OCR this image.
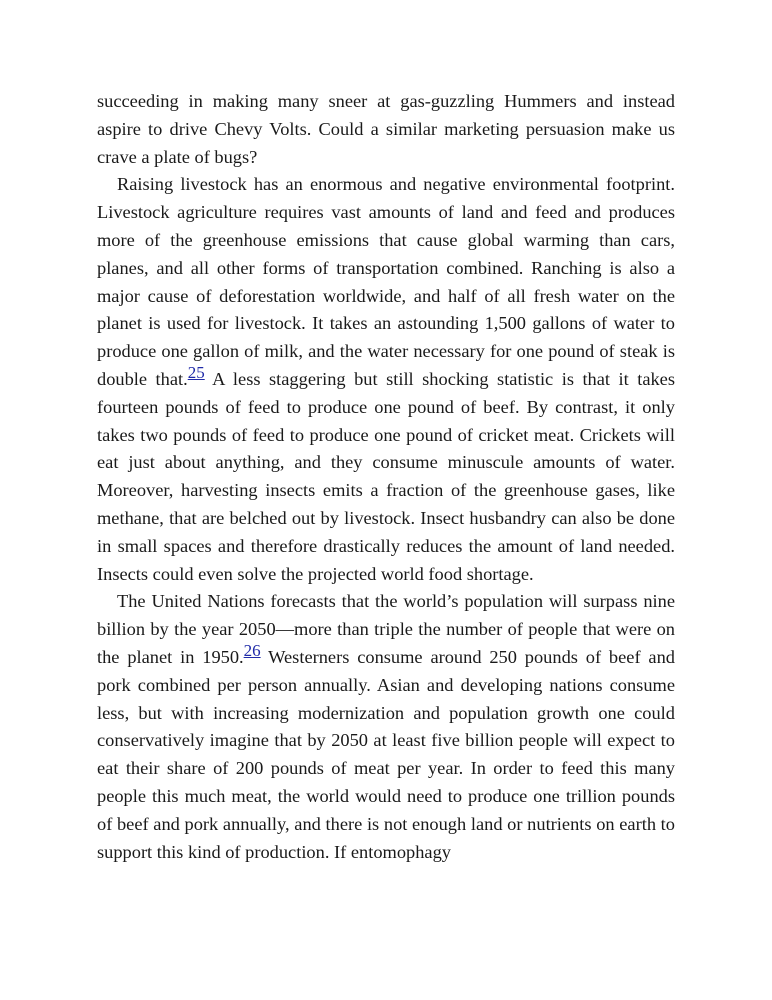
succeeding in making many sneer at gas-guzzling Hummers and instead aspire to drive Chevy Volts. Could a similar marketing persuasion make us crave a plate of bugs?

Raising livestock has an enormous and negative environmental footprint. Livestock agriculture requires vast amounts of land and feed and produces more of the greenhouse emissions that cause global warming than cars, planes, and all other forms of transportation combined. Ranching is also a major cause of deforestation worldwide, and half of all fresh water on the planet is used for livestock. It takes an astounding 1,500 gallons of water to produce one gallon of milk, and the water necessary for one pound of steak is double that.25 A less staggering but still shocking statistic is that it takes fourteen pounds of feed to produce one pound of beef. By contrast, it only takes two pounds of feed to produce one pound of cricket meat. Crickets will eat just about anything, and they consume minuscule amounts of water. Moreover, harvesting insects emits a fraction of the greenhouse gases, like methane, that are belched out by livestock. Insect husbandry can also be done in small spaces and therefore drastically reduces the amount of land needed. Insects could even solve the projected world food shortage.

The United Nations forecasts that the world’s population will surpass nine billion by the year 2050—more than triple the number of people that were on the planet in 1950.26 Westerners consume around 250 pounds of beef and pork combined per person annually. Asian and developing nations consume less, but with increasing modernization and population growth one could conservatively imagine that by 2050 at least five billion people will expect to eat their share of 200 pounds of meat per year. In order to feed this many people this much meat, the world would need to produce one trillion pounds of beef and pork annually, and there is not enough land or nutrients on earth to support this kind of production. If entomophagy
